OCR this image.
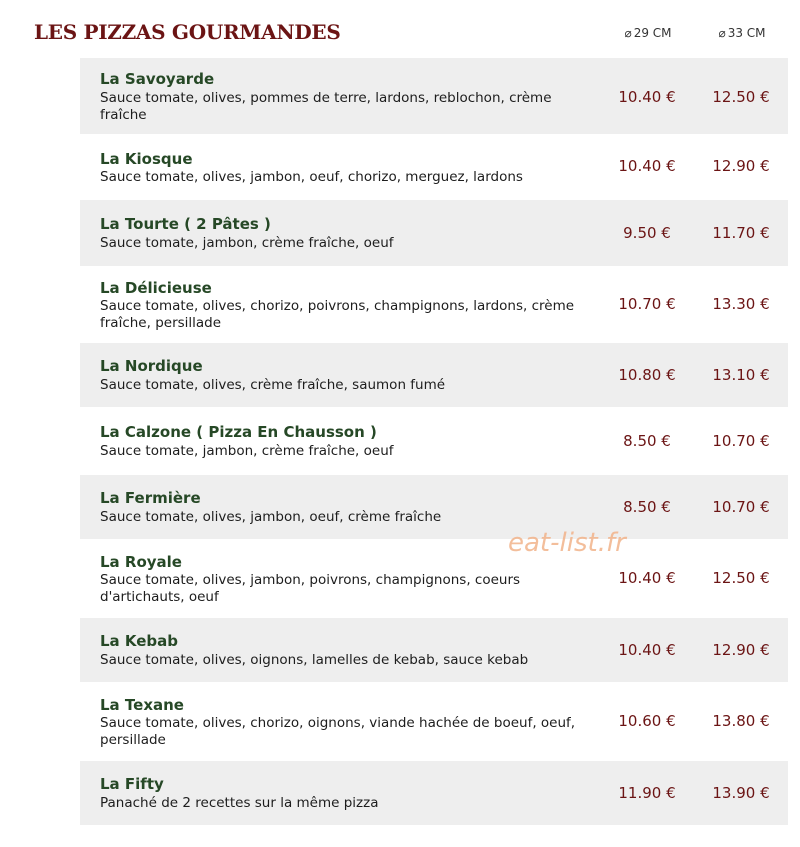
LES PIZZAS GOURMANDES	⌀ 29 CM	⌀ 33 CM
La Savoyarde
Sauce tomate, olives, pommes de terre, lardons, reblochon, crème fraîche
10.40 €	12.50 €
La Kiosque
Sauce tomate, olives, jambon, oeuf, chorizo, merguez, lardons
10.40 €	12.90 €
La Tourte ( 2 Pâtes )
Sauce tomate, jambon, crème fraîche, oeuf
9.50 €	11.70 €
La Délicieuse
Sauce tomate, olives, chorizo, poivrons, champignons, lardons, crème fraîche, persillade
10.70 €	13.30 €
La Nordique
Sauce tomate, olives, crème fraîche, saumon fumé
10.80 €	13.10 €
La Calzone ( Pizza En Chausson )
Sauce tomate, jambon, crème fraîche, oeuf
8.50 €	10.70 €
La Fermière
Sauce tomate, olives, jambon, oeuf, crème fraîche
8.50 €	10.70 €
La Royale
Sauce tomate, olives, jambon, poivrons, champignons, coeurs d'artichauts, oeuf
10.40 €	12.50 €
La Kebab
Sauce tomate, olives, oignons, lamelles de kebab, sauce kebab
10.40 €	12.90 €
La Texane
Sauce tomate, olives, chorizo, oignons, viande hachée de boeuf, oeuf, persillade
10.60 €	13.80 €
La Fifty
Panaché de 2 recettes sur la même pizza
11.90 €	13.90 €
eat-list.fr
